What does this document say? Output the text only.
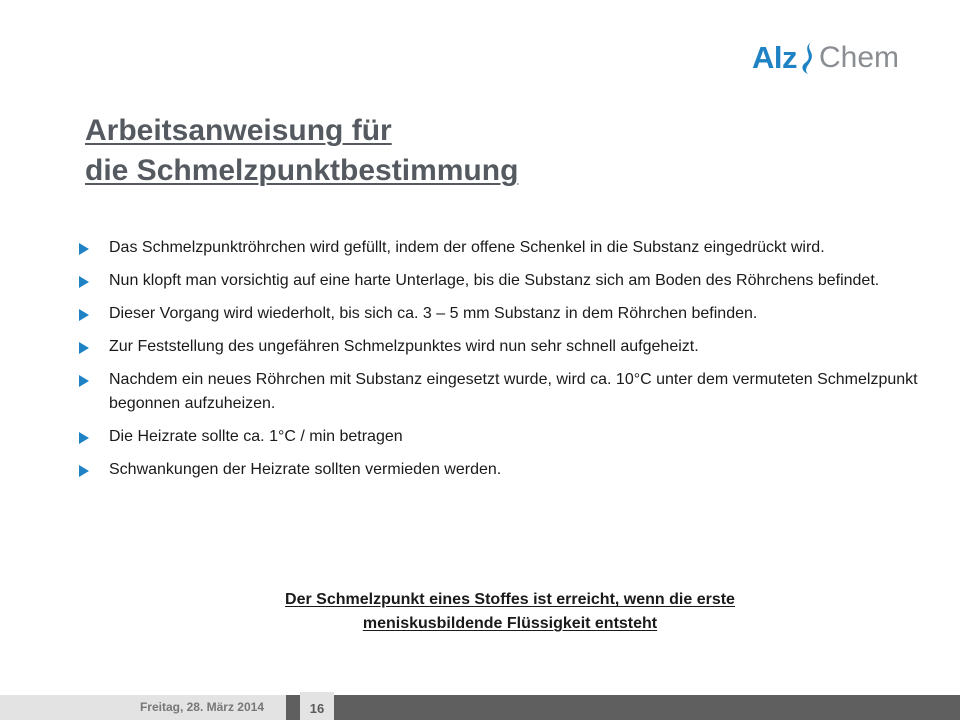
Alz Chem
Arbeitsanweisung für
die Schmelzpunktbestimmung
Das Schmelzpunktröhrchen wird gefüllt, indem der offene Schenkel in die Substanz eingedrückt wird.
Nun klopft man vorsichtig auf eine harte Unterlage, bis die Substanz sich am Boden des Röhrchens befindet.
Dieser Vorgang wird wiederholt, bis sich ca. 3 – 5 mm Substanz in dem Röhrchen befinden.
Zur Feststellung des ungefähren Schmelzpunktes wird nun sehr schnell aufgeheizt.
Nachdem ein neues Röhrchen mit Substanz eingesetzt wurde, wird ca. 10°C unter dem vermuteten Schmelzpunkt begonnen aufzuheizen.
Die Heizrate sollte ca. 1°C / min betragen
Schwankungen der Heizrate sollten vermieden werden.
Der Schmelzpunkt eines Stoffes ist erreicht, wenn die erste
meniskusbildende Flüssigkeit entsteht
Freitag, 28. März 2014	16
